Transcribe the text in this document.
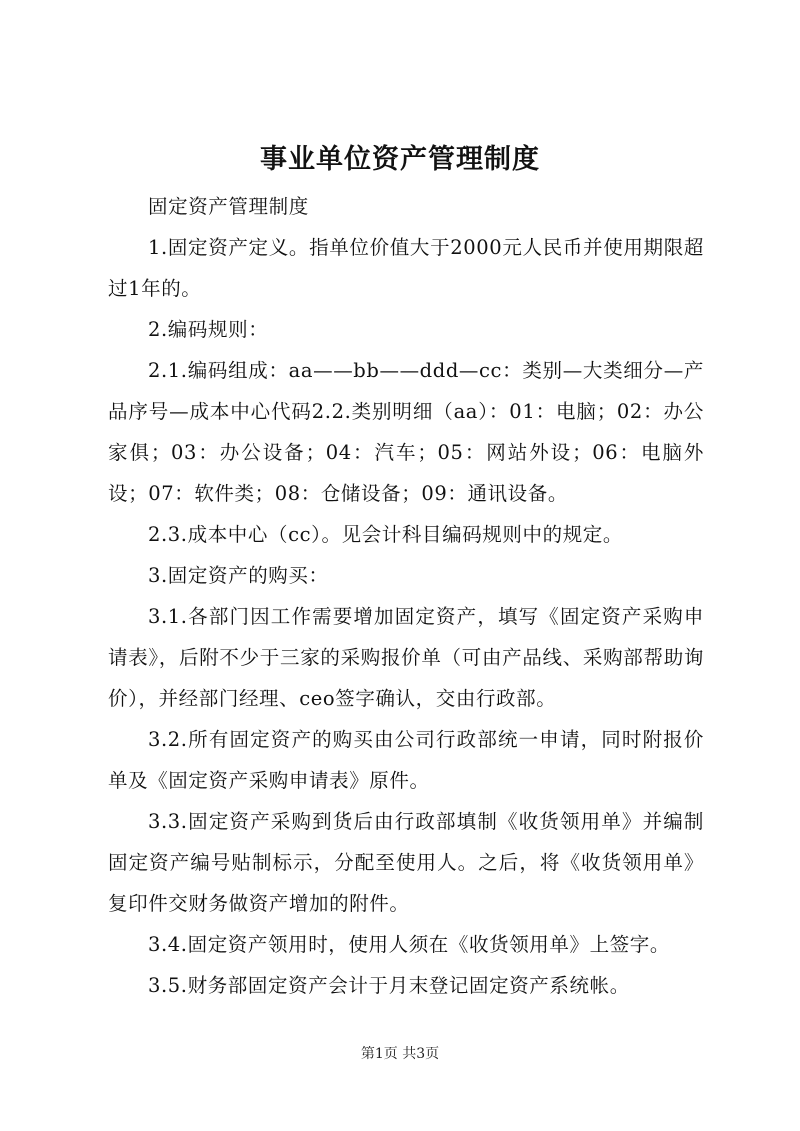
事业单位资产管理制度

固定资产管理制度

1.固定资产定义。指单位价值大于2000元人民币并使用期限超过1年的。

2.编码规则：

2.1.编码组成：aa——bb——ddd—cc：类别—大类细分—产品序号—成本中心代码2.2.类别明细（aa）：01：电脑；02：办公家俱；03：办公设备；04：汽车；05：网站外设；06：电脑外设；07：软件类；08：仓储设备；09：通讯设备。

2.3.成本中心（cc）。见会计科目编码规则中的规定。

3.固定资产的购买：

3.1.各部门因工作需要增加固定资产，填写《固定资产采购申请表》，后附不少于三家的采购报价单（可由产品线、采购部帮助询价），并经部门经理、ceo签字确认，交由行政部。

3.2.所有固定资产的购买由公司行政部统一申请，同时附报价单及《固定资产采购申请表》原件。

3.3.固定资产采购到货后由行政部填制《收货领用单》并编制固定资产编号贴制标示，分配至使用人。之后，将《收货领用单》复印件交财务做资产增加的附件。

3.4.固定资产领用时，使用人须在《收货领用单》上签字。

3.5.财务部固定资产会计于月末登记固定资产系统帐。

第1页 共3页
